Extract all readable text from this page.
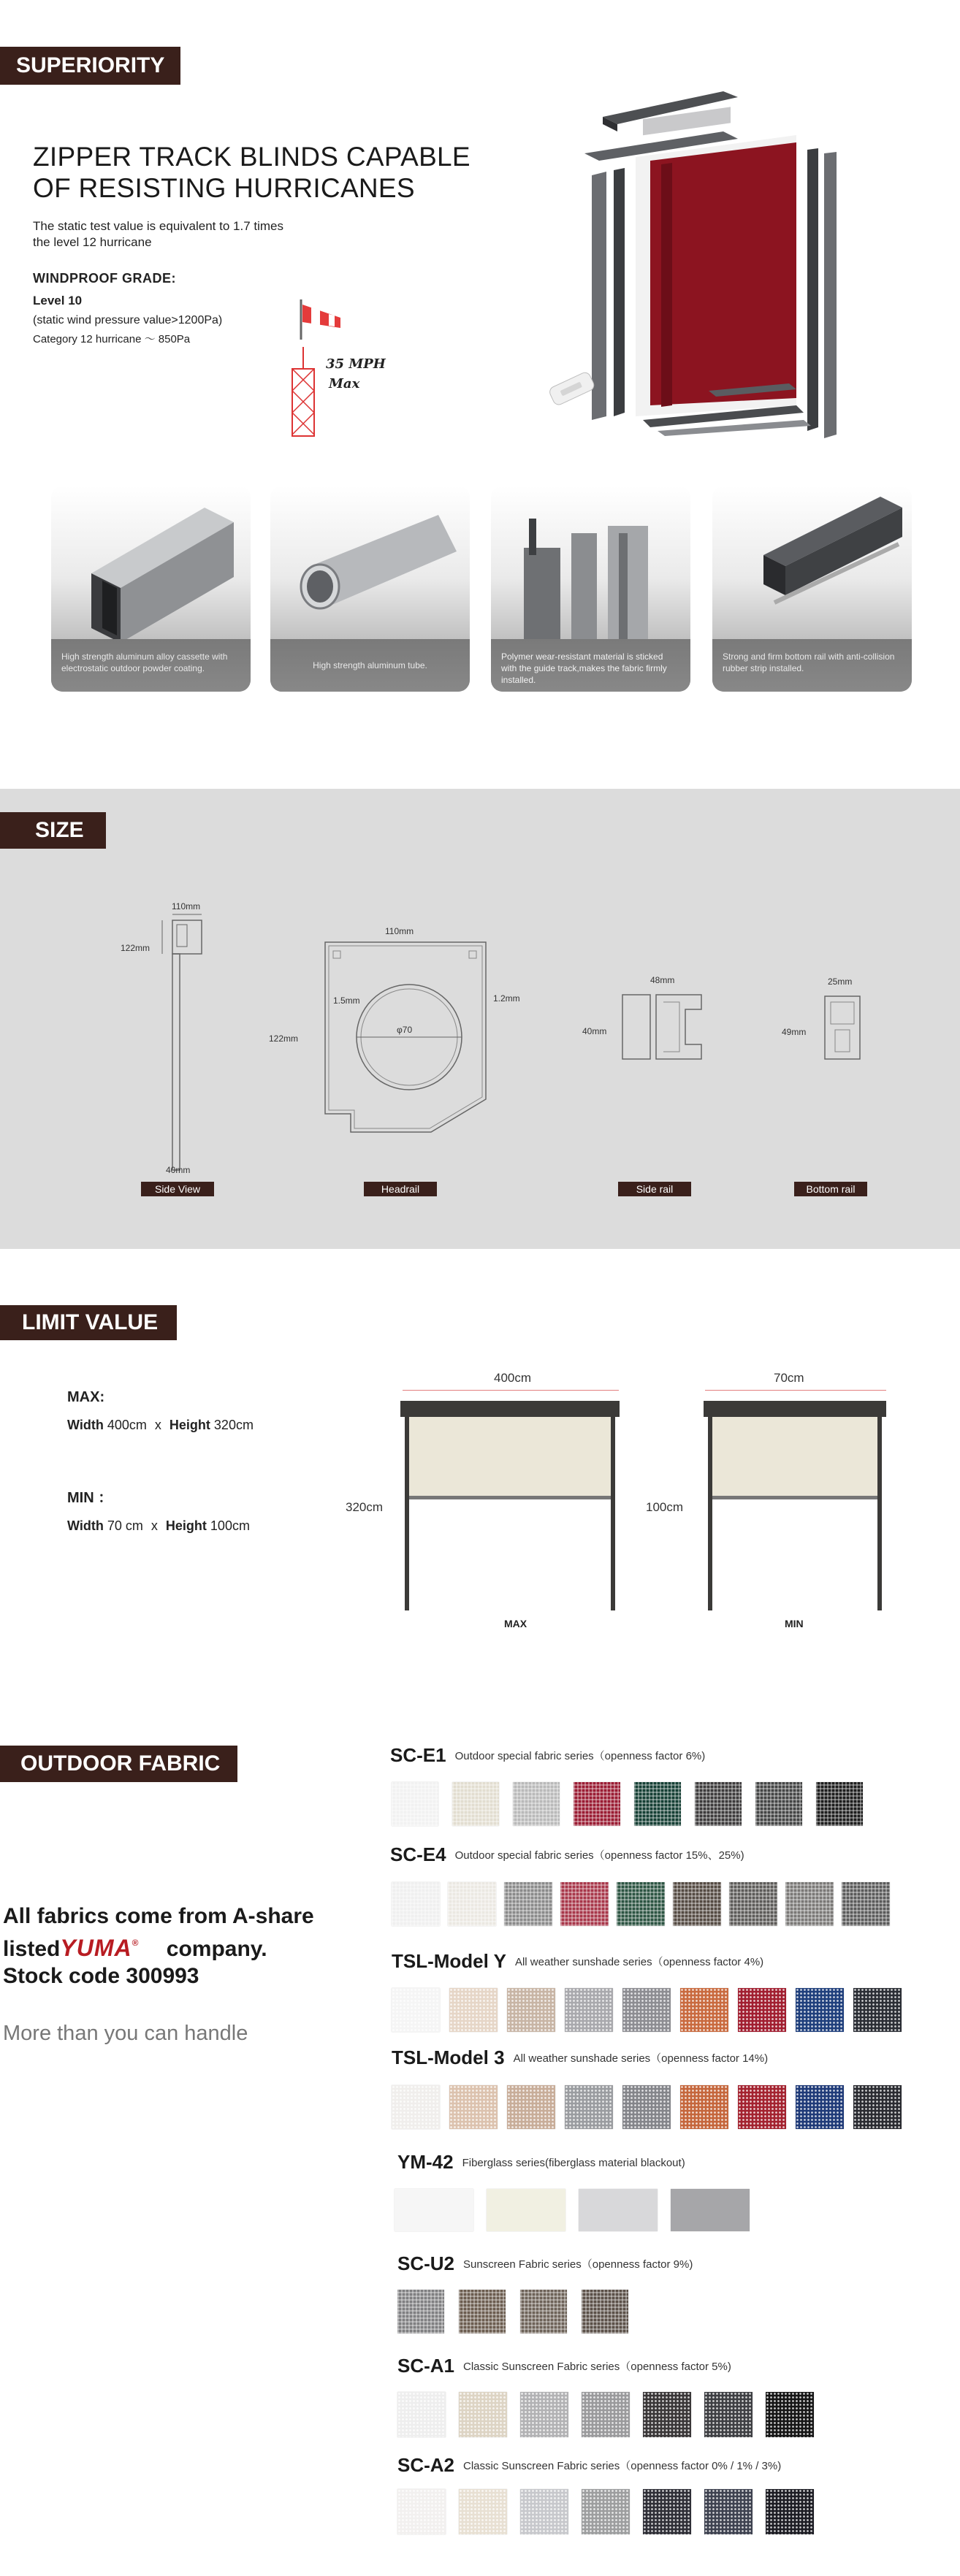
SUPERIORITY
ZIPPER TRACK BLINDS CAPABLE
OF RESISTING HURRICANES
The static test value is equivalent to 1.7 times
the level 12 hurricane
WINDPROOF GRADE:
Level 10
(static wind pressure value>1200Pa)
Category 12 hurricane ～ 850Pa
35 MPH
Max
High strength aluminum alloy cassette with electrostatic outdoor powder coating.	High strength aluminum tube.
Polymer wear-resistant material is sticked with the guide track,makes the fabric firmly installed.
Strong and firm bottom rail with anti-collision rubber strip installed.
SIZE
110mm
122mm
40mm
Side View
110mm
122mm
1.5mm	1.2mm
φ70
Headrail
48mm
40mm
Side rail
25mm
49mm
Bottom rail
LIMIT VALUE
MAX:
Width 400cm x Height 320cm
MIN ：
Width 70 cm x Height 100cm
400cm
320cm
MAX
70cm
100cm
MIN
OUTDOOR FABRIC
All fabrics come from A-share
listedYUMA® company.
Stock code 300993
More than you can handle
SC-E1 Outdoor special fabric series（openness factor 6%)
SC-E4 Outdoor special fabric series（openness factor 15%、25%)
TSL-Model Y All weather sunshade series（openness factor 4%)
TSL-Model 3 All weather sunshade series（openness factor 14%)
YM-42 Fiberglass series(fiberglass material blackout)
SC-U2 Sunscreen Fabric series（openness factor 9%)
SC-A1 Classic Sunscreen Fabric series（openness factor 5%)
SC-A2 Classic Sunscreen Fabric series（openness factor 0% / 1% / 3%)
